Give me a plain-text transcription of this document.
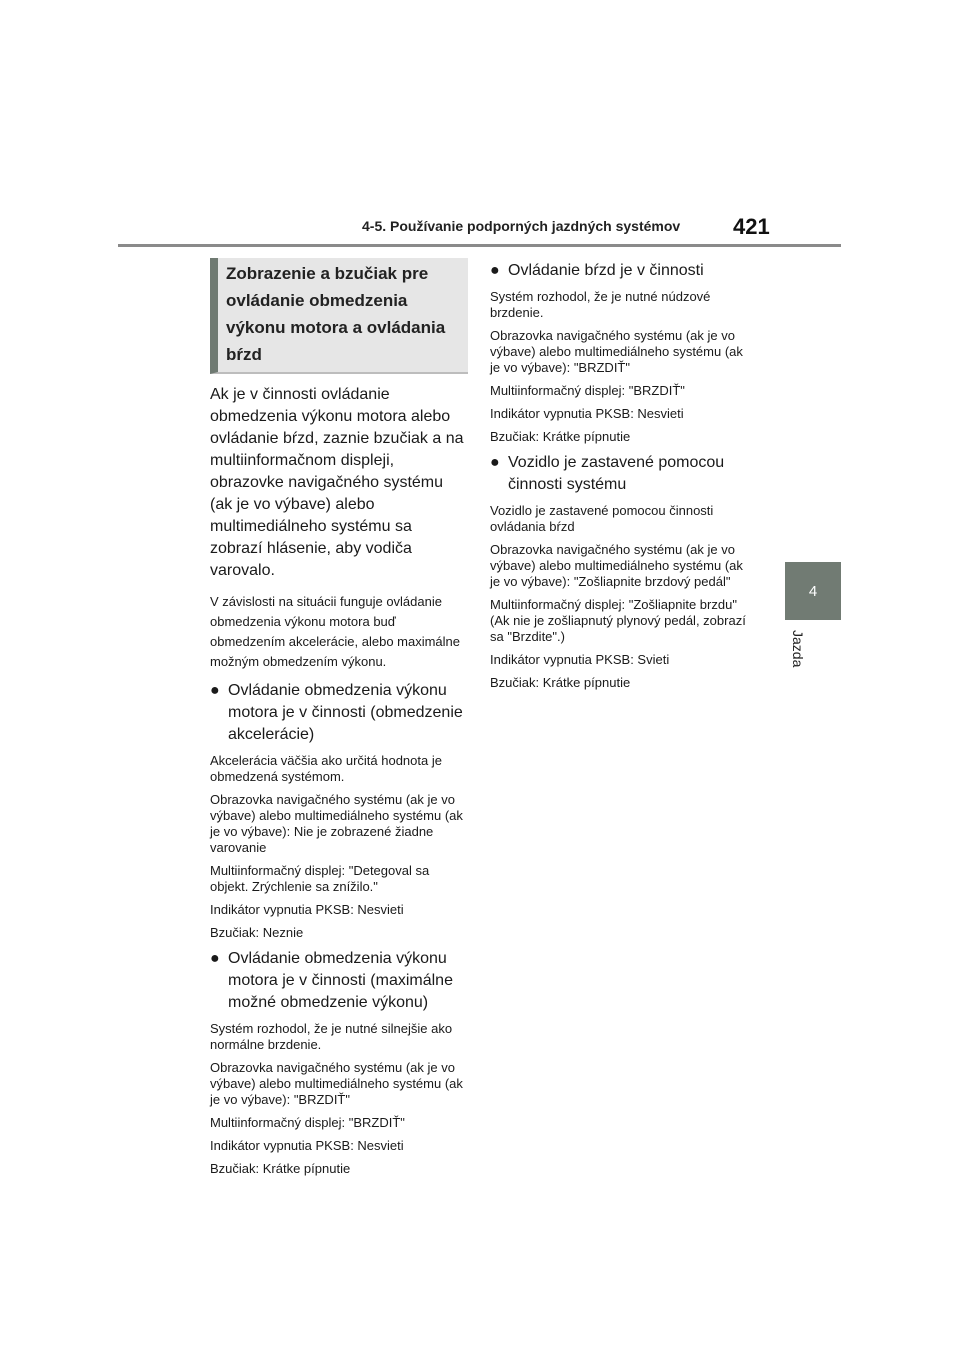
4-5. Používanie podporných jazdných systémov 421
4
Jazda
Zobrazenie a bzučiak pre ovládanie obmedzenia výkonu motora a ovládania bŕzd

Ak je v činnosti ovládanie obmedzenia výkonu motora alebo ovládanie bŕzd, zaznie bzučiak a na multiinformačnom displeji, obrazovke navigačného systému (ak je vo výbave) alebo multimediálneho systému sa zobrazí hlásenie, aby vodiča varovalo.

V závislosti na situácii funguje ovládanie obmedzenia výkonu motora buď obmedzením akcelerácie, alebo maximálne možným obmedzením výkonu.

● Ovládanie obmedzenia výkonu motora je v činnosti (obmedzenie akcelerácie)

Akcelerácia väčšia ako určitá hodnota je obmedzená systémom.

Obrazovka navigačného systému (ak je vo výbave) alebo multimediálneho systému (ak je vo výbave): Nie je zobrazené žiadne varovanie

Multiinformačný displej: "Detegoval sa objekt. Zrýchlenie sa znížilo."

Indikátor vypnutia PKSB: Nesvieti

Bzučiak: Neznie

● Ovládanie obmedzenia výkonu motora je v činnosti (maximálne možné obmedzenie výkonu)

Systém rozhodol, že je nutné silnejšie ako normálne brzdenie.

Obrazovka navigačného systému (ak je vo výbave) alebo multimediálneho systému (ak je vo výbave): "BRZDIŤ"

Multiinformačný displej: "BRZDIŤ"

Indikátor vypnutia PKSB: Nesvieti

Bzučiak: Krátke pípnutie

● Ovládanie bŕzd je v činnosti

Systém rozhodol, že je nutné núdzové brzdenie.

Obrazovka navigačného systému (ak je vo výbave) alebo multimediálneho systému (ak je vo výbave): "BRZDIŤ"

Multiinformačný displej: "BRZDIŤ"

Indikátor vypnutia PKSB: Nesvieti

Bzučiak: Krátke pípnutie

● Vozidlo je zastavené pomocou činnosti systému

Vozidlo je zastavené pomocou činnosti ovládania bŕzd

Obrazovka navigačného systému (ak je vo výbave) alebo multimediálneho systému (ak je vo výbave): "Zošliapnite brzdový pedál"

Multiinformačný displej: "Zošliapnite brzdu" (Ak nie je zošliapnutý plynový pedál, zobrazí sa "Brzdite".)

Indikátor vypnutia PKSB: Svieti

Bzučiak: Krátke pípnutie
